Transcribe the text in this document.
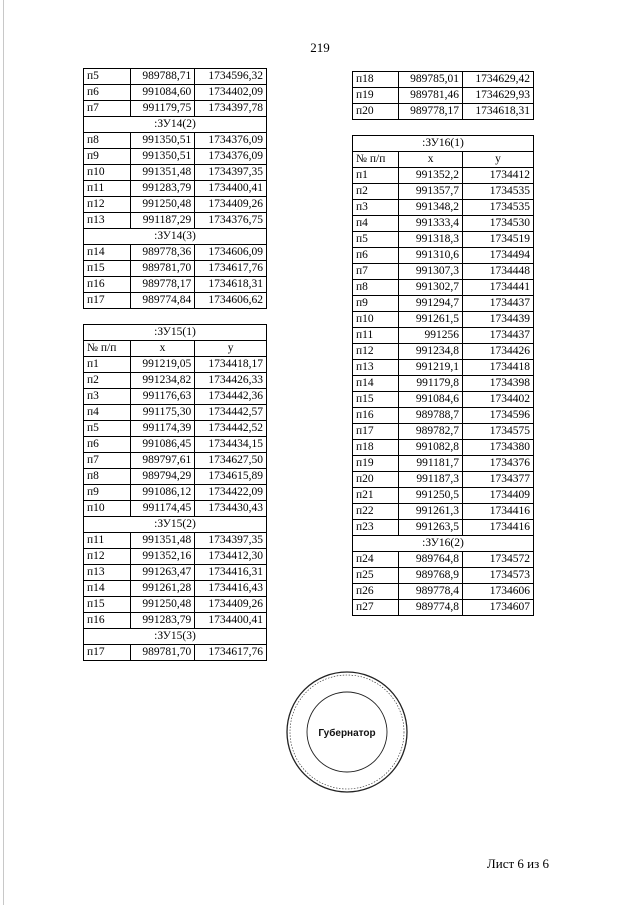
219
п5	989788,71	1734596,32
п6	991084,60	1734402,09
п7	991179,75	1734397,78
:ЗУ14(2)		
п8	991350,51	1734376,09
п9	991350,51	1734376,09
п10	991351,48	1734397,35
п11	991283,79	1734400,41
п12	991250,48	1734409,26
п13	991187,29	1734376,75
:ЗУ14(3)		
п14	989778,36	1734606,09
п15	989781,70	1734617,76
п16	989778,17	1734618,31
п17	989774,84	1734606,62

:ЗУ15(1)		
№ п/п	x	y
п1	991219,05	1734418,17
п2	991234,82	1734426,33
п3	991176,63	1734442,36
п4	991175,30	1734442,57
п5	991174,39	1734442,52
п6	991086,45	1734434,15
п7	989797,61	1734627,50
п8	989794,29	1734615,89
п9	991086,12	1734422,09
п10	991174,45	1734430,43
:ЗУ15(2)		
п11	991351,48	1734397,35
п12	991352,16	1734412,30
п13	991263,47	1734416,31
п14	991261,28	1734416,43
п15	991250,48	1734409,26
п16	991283,79	1734400,41
:ЗУ15(3)		
п17	989781,70	1734617,76
п18	989785,01	1734629,42
п19	989781,46	1734629,93
п20	989778,17	1734618,31

:ЗУ16(1)		
№ п/п	x	y
п1	991352,2	1734412
п2	991357,7	1734535
п3	991348,2	1734535
п4	991333,4	1734530
п5	991318,3	1734519
п6	991310,6	1734494
п7	991307,3	1734448
п8	991302,7	1734441
п9	991294,7	1734437
п10	991261,5	1734439
п11	991256	1734437
п12	991234,8	1734426
п13	991219,1	1734418
п14	991179,8	1734398
п15	991084,6	1734402
п16	989788,7	1734596
п17	989782,7	1734575
п18	991082,8	1734380
п19	991181,7	1734376
п20	991187,3	1734377
п21	991250,5	1734409
п22	991261,3	1734416
п23	991263,5	1734416
:ЗУ16(2)		
п24	989764,8	1734572
п25	989768,9	1734573
п26	989778,4	1734606
п27	989774,8	1734607
Губернатор
Лист 6 из 6
